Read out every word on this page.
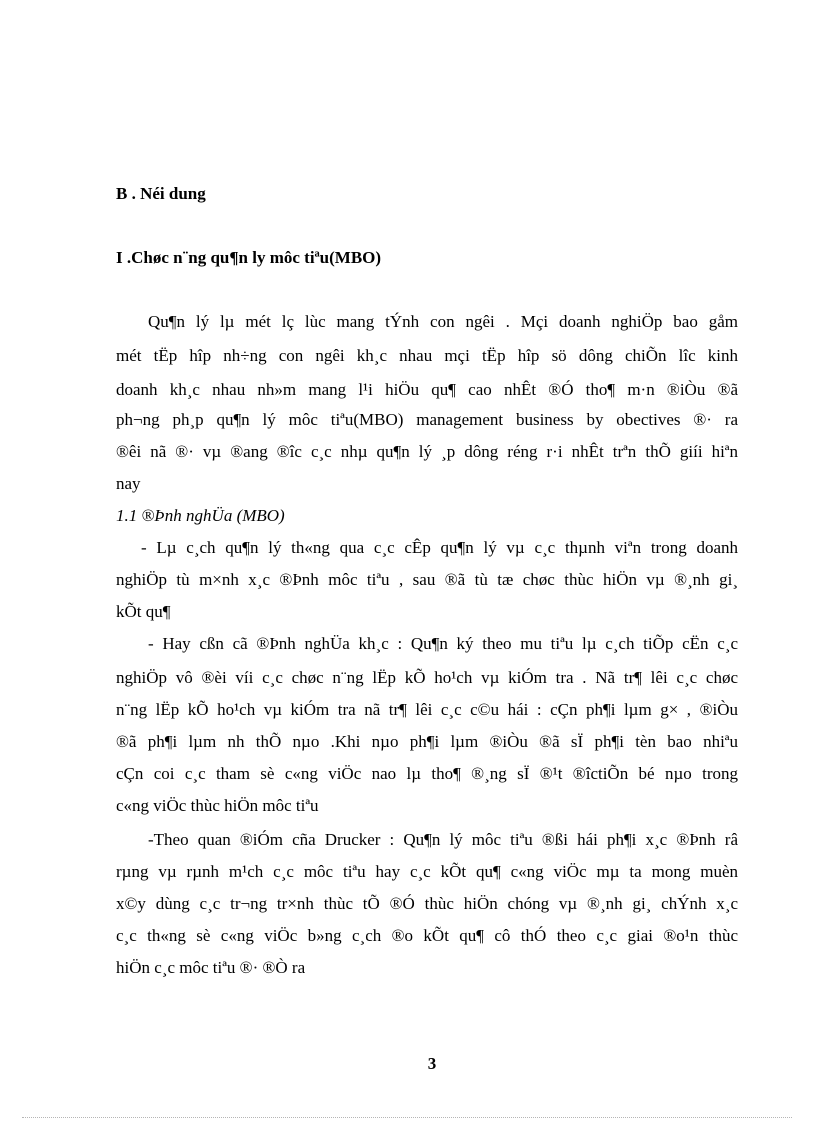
B . Néi dung

I .Chøc n¨ng qu¶n ly môc tiªu(MBO)

Qu¶n lý lµ mét lç lùc mang tÝnh con ngêi . Mçi doanh nghiÖp bao gåm

mét tËp hîp nh÷ng con ngêi kh¸c nhau mçi tËp hîp sö dông chiÕn lîc kinh

doanh kh¸c nhau nh»m mang l¹i hiÖu qu¶ cao nhÊt ®Ó tho¶ m·n ®iÒu ®ã

ph¬ng ph¸p qu¶n lý môc tiªu(MBO) management business by obectives ®· ra

®êi nã ®· vµ ®ang ®îc c¸c nhµ qu¶n lý ¸p dông réng r·i nhÊt trªn thÕ giíi hiªn

nay

1.1 ®Þnh nghÜa (MBO)

- Lµ c¸ch qu¶n lý th«ng qua c¸c cÊp qu¶n lý vµ c¸c thµnh viªn trong doanh

nghiÖp tù m×nh x¸c ®Þnh môc tiªu , sau ®ã tù tæ chøc thùc hiÖn vµ ®¸nh gi¸

kÕt qu¶

- Hay cßn cã ®Þnh nghÜa kh¸c : Qu¶n ký theo mu tiªu lµ c¸ch tiÕp cËn c¸c

nghiÖp vô ®èi víi c¸c chøc n¨ng lËp kÕ ho¹ch vµ kiÓm tra . Nã tr¶ lêi c¸c chøc

n¨ng lËp kÕ ho¹ch vµ kiÓm tra nã tr¶ lêi c¸c c©u hái : cÇn ph¶i lµm g× , ®iÒu

®ã ph¶i lµm nh thÕ nµo .Khi nµo ph¶i lµm ®iÒu ®ã sÏ ph¶i tèn bao nhiªu

cÇn coi c¸c tham sè c«ng viÖc nao lµ tho¶ ®¸ng sÏ ®¹t ®îctiÕn bé nµo trong

c«ng viÖc thùc hiÖn môc tiªu

-Theo quan ®iÓm cña Drucker : Qu¶n lý môc tiªu ®ßi hái ph¶i x¸c ®Þnh râ

rµng vµ rµnh m¹ch c¸c môc tiªu hay c¸c kÕt qu¶ c«ng viÖc mµ ta mong muèn

x©y dùng c¸c tr¬ng tr×nh thùc tÕ ®Ó thùc hiÖn chóng vµ ®¸nh gi¸ chÝnh x¸c

c¸c th«ng sè c«ng viÖc b»ng c¸ch ®o kÕt qu¶ cô thÓ theo c¸c giai ®o¹n thùc

hiÖn c¸c môc tiªu ®· ®Ò ra

3
